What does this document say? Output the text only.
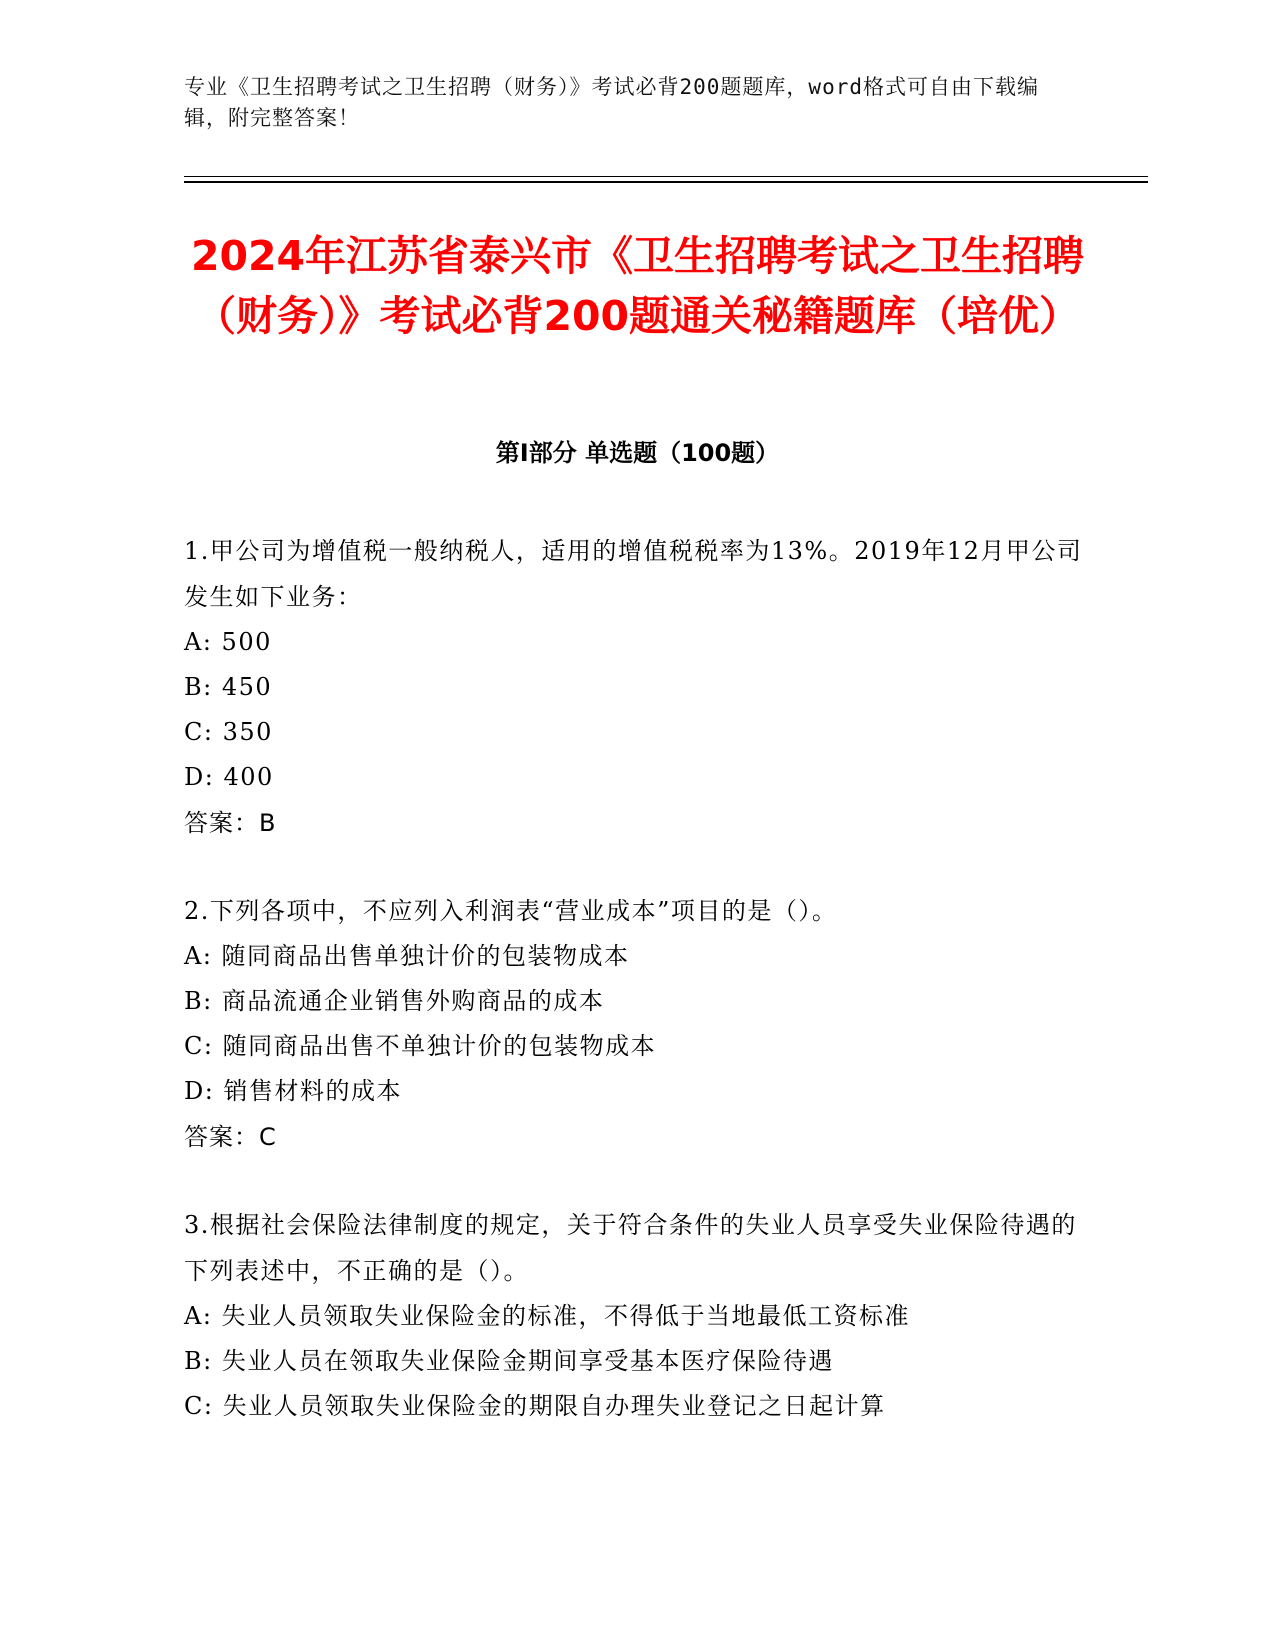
专业《卫生招聘考试之卫生招聘（财务）》考试必背200题题库，word格式可自由下载编辑，附完整答案！
2024年江苏省泰兴市《卫生招聘考试之卫生招聘（财务）》考试必背200题通关秘籍题库（培优）
第I部分 单选题（100题）

1.甲公司为增值税一般纳税人，适用的增值税税率为13%。2019年12月甲公司发生如下业务：

A: 500

B: 450

C: 350

D: 400

答案：B

2.下列各项中，不应列入利润表“营业成本”项目的是（）。

A: 随同商品出售单独计价的包装物成本

B: 商品流通企业销售外购商品的成本

C: 随同商品出售不单独计价的包装物成本

D: 销售材料的成本

答案：C

3.根据社会保险法律制度的规定，关于符合条件的失业人员享受失业保险待遇的下列表述中，不正确的是（）。

A: 失业人员领取失业保险金的标准，不得低于当地最低工资标准

B: 失业人员在领取失业保险金期间享受基本医疗保险待遇

C: 失业人员领取失业保险金的期限自办理失业登记之日起计算
